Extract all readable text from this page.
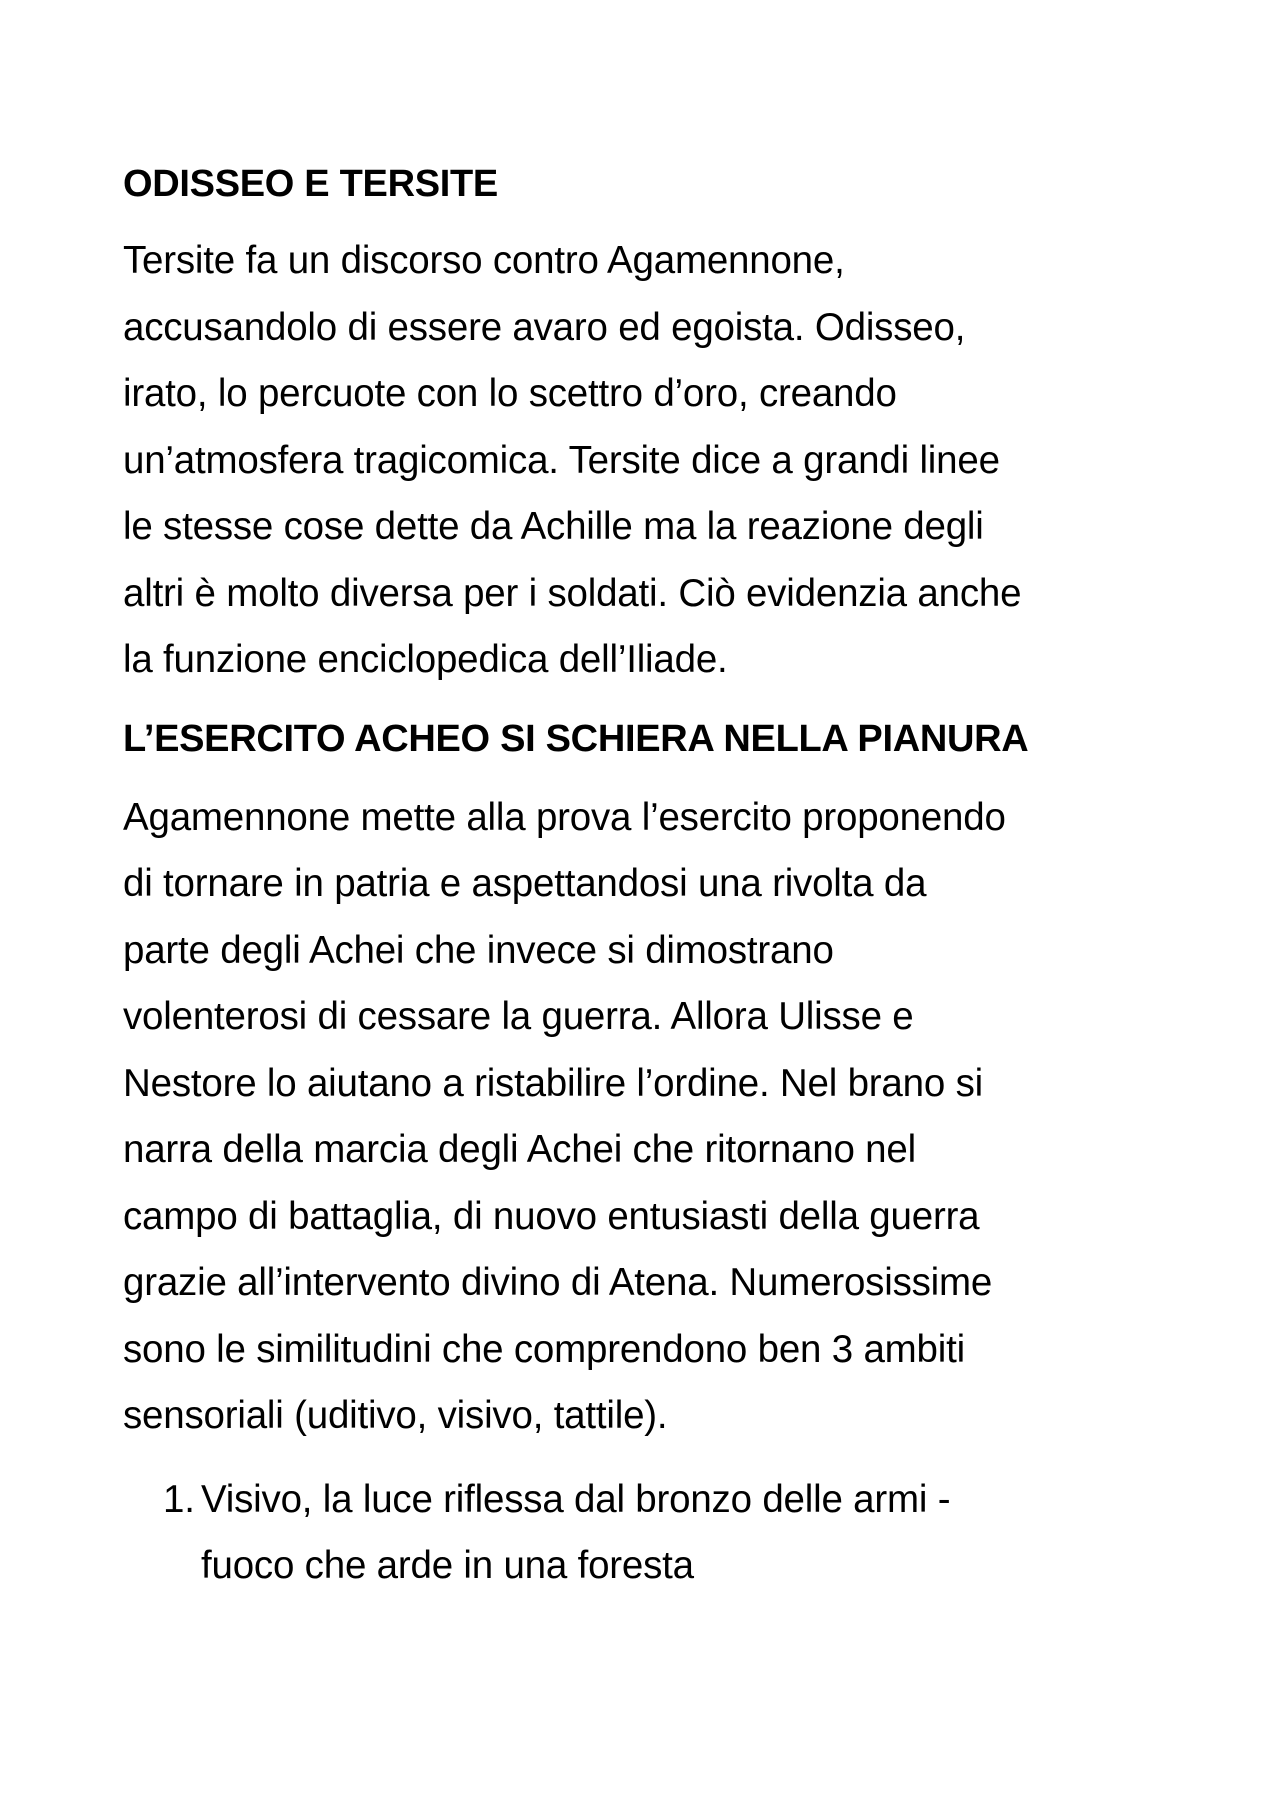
ODISSEO E TERSITE

Tersite fa un discorso contro Agamennone,
accusandolo di essere avaro ed egoista. Odisseo,
irato, lo percuote con lo scettro d’oro, creando
un’atmosfera tragicomica. Tersite dice a grandi linee
le stesse cose dette da Achille ma la reazione degli
altri è molto diversa per i soldati. Ciò evidenzia anche
la funzione enciclopedica dell’Iliade.

L’ESERCITO ACHEO SI SCHIERA NELLA PIANURA

Agamennone mette alla prova l’esercito proponendo
di tornare in patria e aspettandosi una rivolta da
parte degli Achei che invece si dimostrano
volenterosi di cessare la guerra. Allora Ulisse e
Nestore lo aiutano a ristabilire l’ordine. Nel brano si
narra della marcia degli Achei che ritornano nel
campo di battaglia, di nuovo entusiasti della guerra
grazie all’intervento divino di Atena. Numerosissime
sono le similitudini che comprendono ben 3 ambiti
sensoriali (uditivo, visivo, tattile).

1. Visivo, la luce riflessa dal bronzo delle armi -
fuoco che arde in una foresta
